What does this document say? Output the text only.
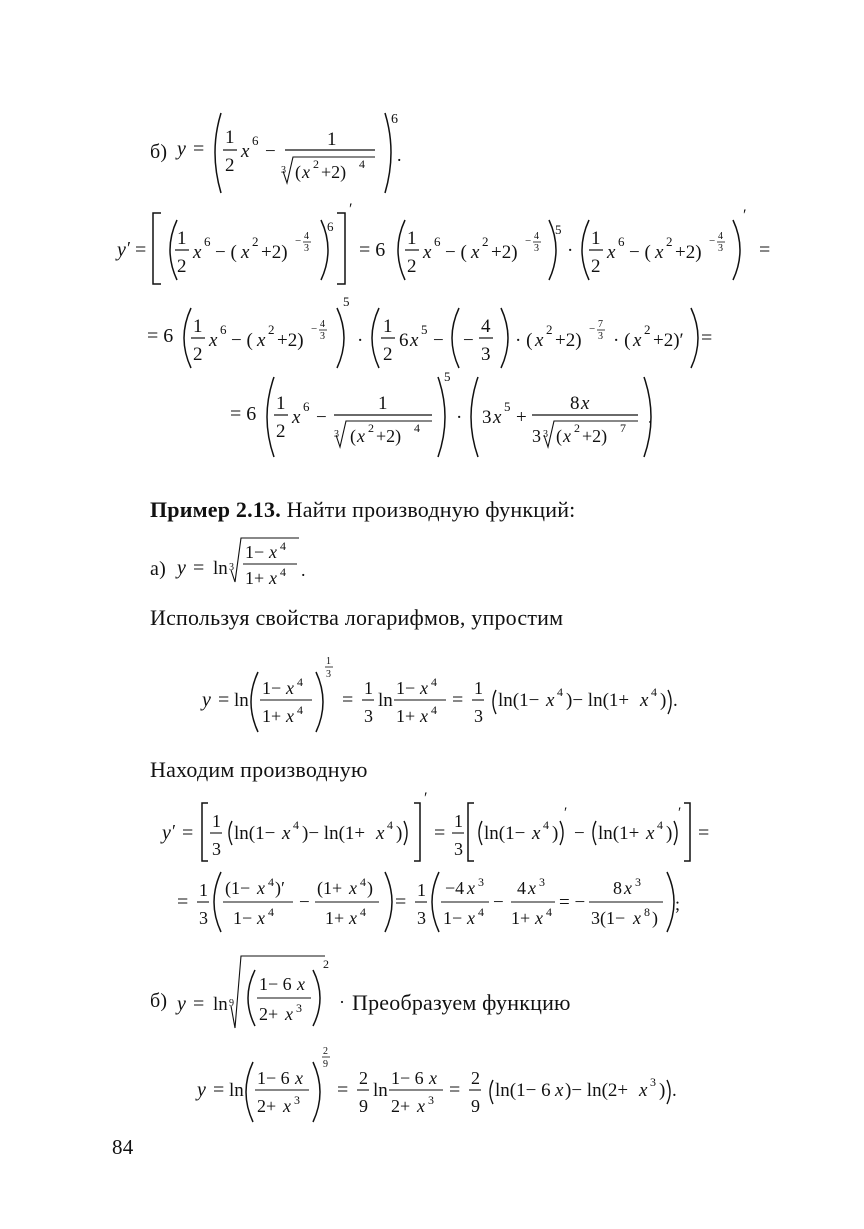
б) y =
1
2
x
6
−
1
3 ( x 2 +2) 4
6
.
y ′ =
1
2
x
6
− ( x
2
+2)
− 4
3
6
′
= 6
1
2
x
6
− ( x
2
+2)
− 4
3
5
·
1
2
x
6
− ( x
2
+2)
− 4
3
′
=
= 6 1
2
x
6
− ( x
2
+2)
− 4
3
5
·
1
2
6 x
5
− −
4
3
· ( x
2
+2)
− 7
3 · ( x
2
+2)′ =
= 6 1
2
x
6
−
1
3 ( x 2 +2) 4
5
· 3 x
5
+
8 x
3 3 ( x 2 +2) 7
.
Пример 2.13. Найти производную функций:
а) y = ln 3
1− x 4
1+ x 4 .
Используя свойства логарифмов, упростим
y = ln
1− x 4
1+ x 4
1
3
=
1
3
ln
1− x 4
1+ x 4 =
1
3
ln(1− x 4 )− ln(1+ x 4 ) .
Находим производную
y ′ =
1
3
ln(1− x 4 )− ln(1+ x 4 )
′
=
1
3
ln(1− x 4 )
′
− ln(1+ x 4 )
′
=
=
1
3
(1− x 4 )′
1− x 4 −
(1+ x 4 )
1+ x 4 =
1
3
−4 x 3
1− x 4 −
4 x 3
1+ x 4 = −
8 x 3
3(1− x 8 )
;
б) y = ln 9
1− 6 x
2+ x 3
2
· Преобразуем функцию
y = ln
1− 6 x
2+ x 3
2
9
=
2
9
ln
1− 6 x
2+ x 3 =
2
9
ln(1− 6 x )− ln(2+ x 3 ) .
84
